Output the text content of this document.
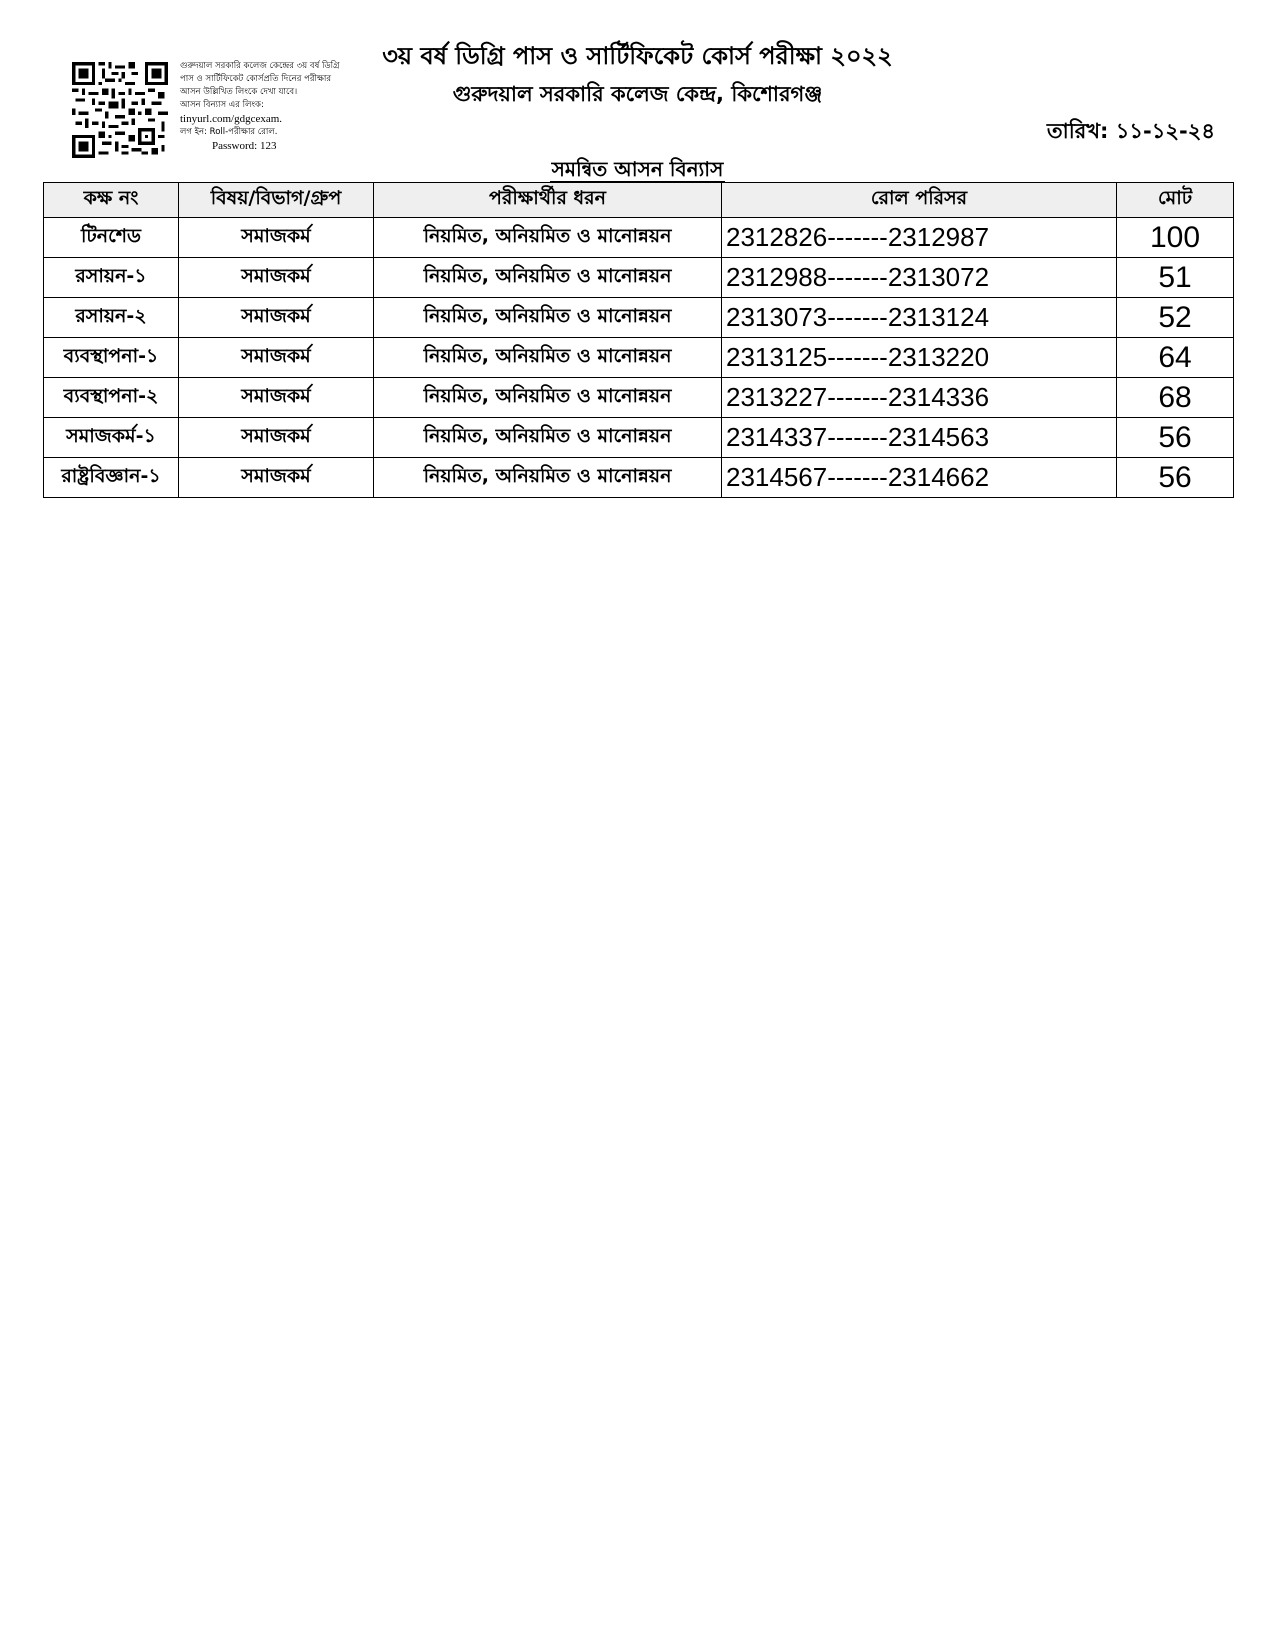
গুরুদয়াল সরকারি কলেজ কেন্দ্রের ৩য় বর্ষ ডিগ্রি
পাস ও সার্টিফিকেট কোর্সপ্রতি দিনের পরীক্ষার
আসন উল্লিখিত লিংকে দেখা যাবে।
আসন বিন্যাস এর লিংক:
tinyurl.com/gdgcexam.
লগ ইন: Roll-পরীক্ষার রোল.
Password: 123
৩য় বর্ষ ডিগ্রি পাস ও সার্টিফিকেট কোর্স পরীক্ষা ২০২২
গুরুদয়াল সরকারি কলেজ কেন্দ্র, কিশোরগঞ্জ
তারিখ: ১১-১২-২৪
সমন্বিত আসন বিন্যাস
কক্ষ নং	বিষয়/বিভাগ/গ্রুপ	পরীক্ষার্থীর ধরন	রোল পরিসর	মোট
টিনশেড	সমাজকর্ম	নিয়মিত, অনিয়মিত ও মানোন্নয়ন	2312826-------2312987	100
রসায়ন-১	সমাজকর্ম	নিয়মিত, অনিয়মিত ও মানোন্নয়ন	2312988-------2313072	51
রসায়ন-২	সমাজকর্ম	নিয়মিত, অনিয়মিত ও মানোন্নয়ন	2313073-------2313124	52
ব্যবস্থাপনা-১	সমাজকর্ম	নিয়মিত, অনিয়মিত ও মানোন্নয়ন	2313125-------2313220	64
ব্যবস্থাপনা-২	সমাজকর্ম	নিয়মিত, অনিয়মিত ও মানোন্নয়ন	2313227-------2314336	68
সমাজকর্ম-১	সমাজকর্ম	নিয়মিত, অনিয়মিত ও মানোন্নয়ন	2314337-------2314563	56
রাষ্ট্রবিজ্ঞান-১	সমাজকর্ম	নিয়মিত, অনিয়মিত ও মানোন্নয়ন	2314567-------2314662	56
